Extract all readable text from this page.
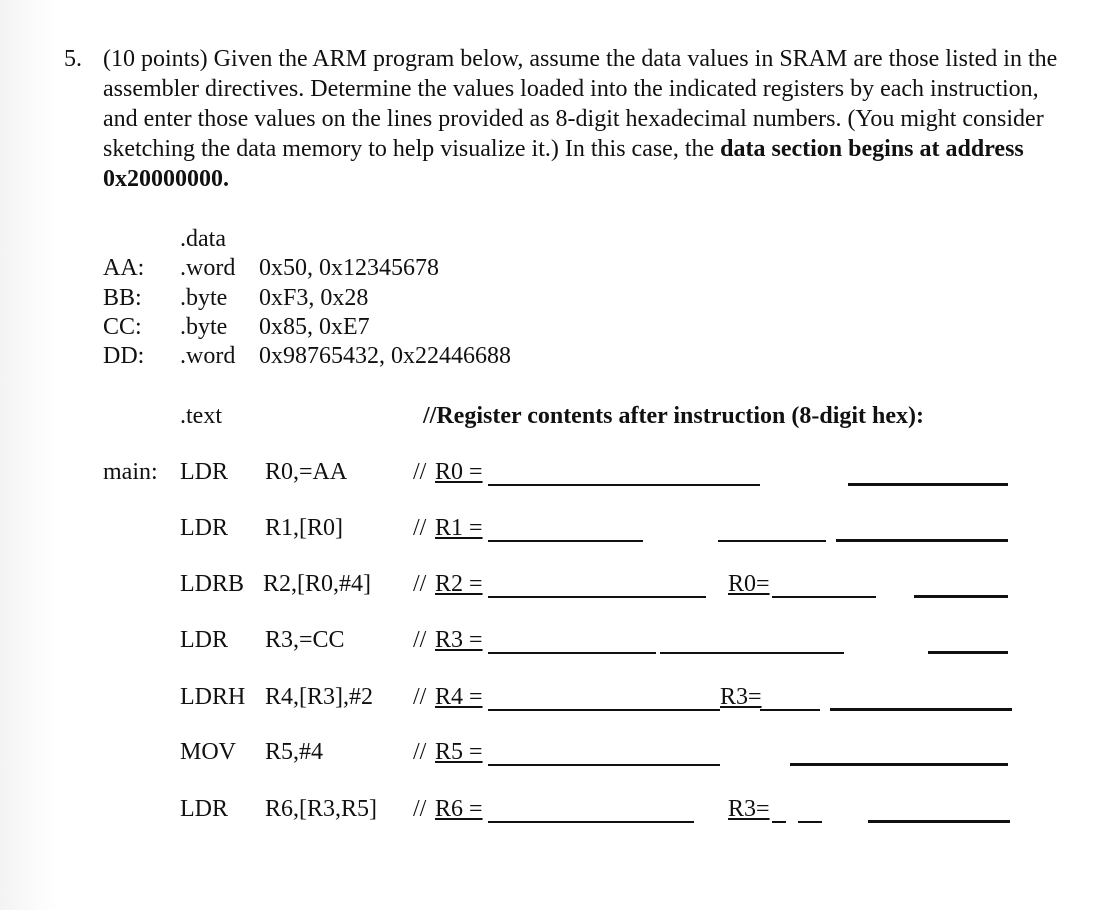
5. (10 points) Given the ARM program below, assume the data values in SRAM are those listed in the assembler directives. Determine the values loaded into the indicated registers by each instruction, and enter those values on the lines provided as 8-digit hexadecimal numbers. (You might consider sketching the data memory to help visualize it.) In this case, the data section begins at address 0x20000000.
.data
AA: .word 0x50, 0x12345678
BB: .byte 0xF3, 0x28
CC: .byte 0x85, 0xE7
DD: .word 0x98765432, 0x22446688
.text	//Register contents after instruction (8-digit hex):
main: LDR R0,=AA	// R0 =
LDR R1,[R0]	// R1 =
LDRB R2,[R0,#4] // R2 =	R0=
LDR R3,=CC	// R3 =
LDRH R4,[R3],#2 // R4 =	R3=
MOV R5,#4	// R5 =
LDR R6,[R3,R5] // R6 =	R3=
